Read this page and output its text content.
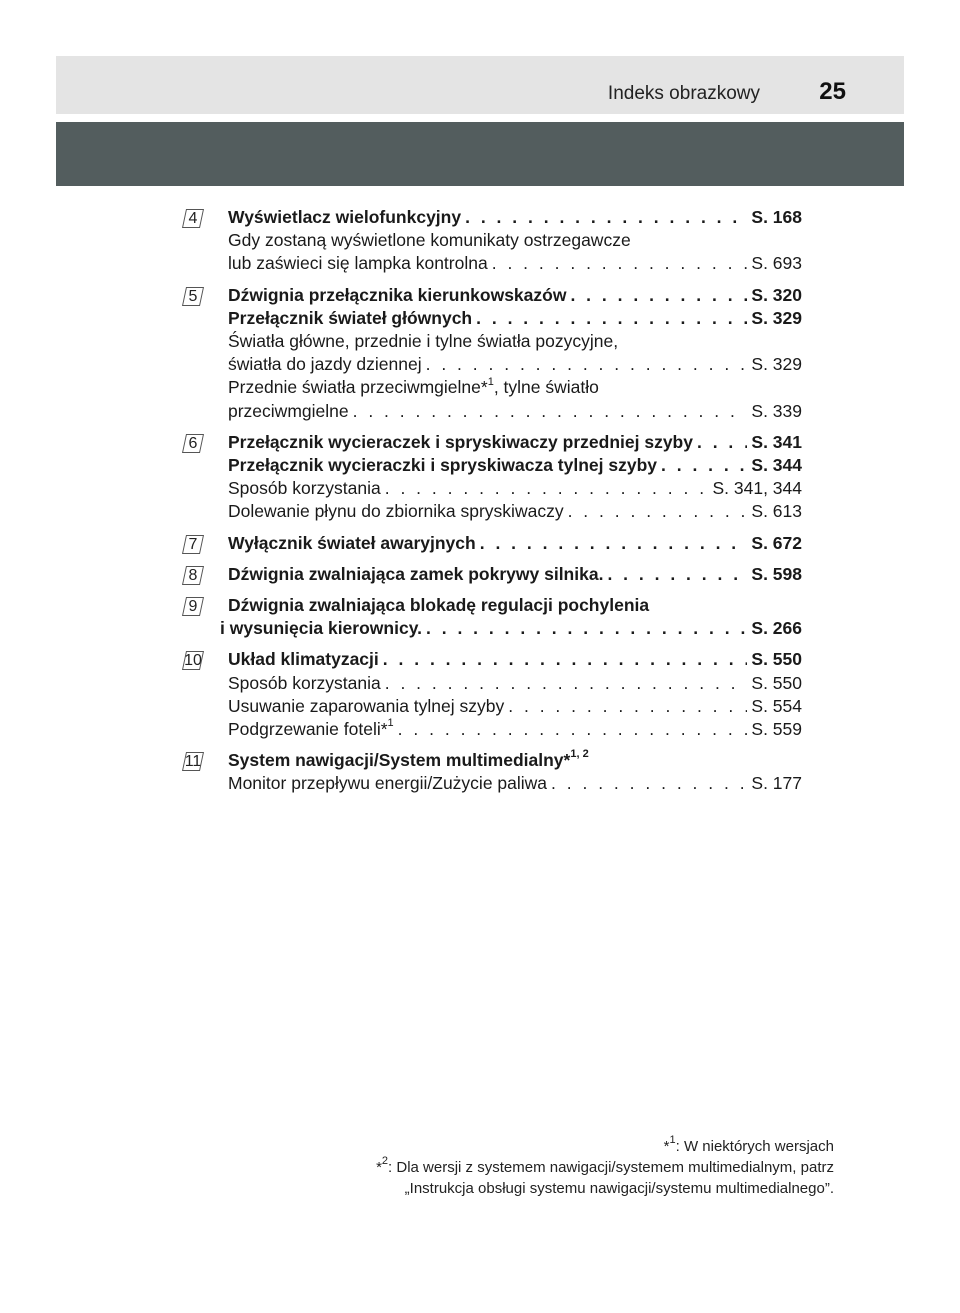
Indeks obrazkowy 25
4 Wyświetlacz wielofunkcyjny . . .	S. 168
Gdy zostaną wyświetlone komunikaty ostrzegawcze
lub zaświeci się lampka kontrolna . . .	S. 693
5 Dźwignia przełącznika kierunkowskazów . . .	S. 320
Przełącznik świateł głównych . . .	S. 329
Światła główne, przednie i tylne światła pozycyjne,
światła do jazdy dziennej . . .	S. 329
Przednie światła przeciwmgielne*$^1$, tylne światło
przeciwmgielne . . .	S. 339
6 Przełącznik wycieraczek i spryskiwaczy przedniej szyby . . .	S. 341
Przełącznik wycieraczki i spryskiwacza tylnej szyby . . .	S. 344
Sposób korzystania . . .	S. 341, 344
Dolewanie płynu do zbiornika spryskiwaczy . . .	S. 613
7 Wyłącznik świateł awaryjnych . . .	S. 672
8 Dźwignia zwalniająca zamek pokrywy silnika. . . .	S. 598
9 Dźwignia zwalniająca blokadę regulacji pochylenia
i wysunięcia kierownicy. . . .	S. 266
10 Układ klimatyzacji . . .	S. 550
Sposób korzystania . . .	S. 550
Usuwanie zaparowania tylnej szyby . . .	S. 554
Podgrzewanie foteli*$^1$ . . .	S. 559
11 System nawigacji/System multimedialny*$^{1, 2}$
Monitor przepływu energii/Zużycie paliwa . . .	S. 177
*$^1$: W niektórych wersjach
*$^2$: Dla wersji z systemem nawigacji/systemem multimedialnym, patrz
„Instrukcja obsługi systemu nawigacji/systemu multimedialnego”.
